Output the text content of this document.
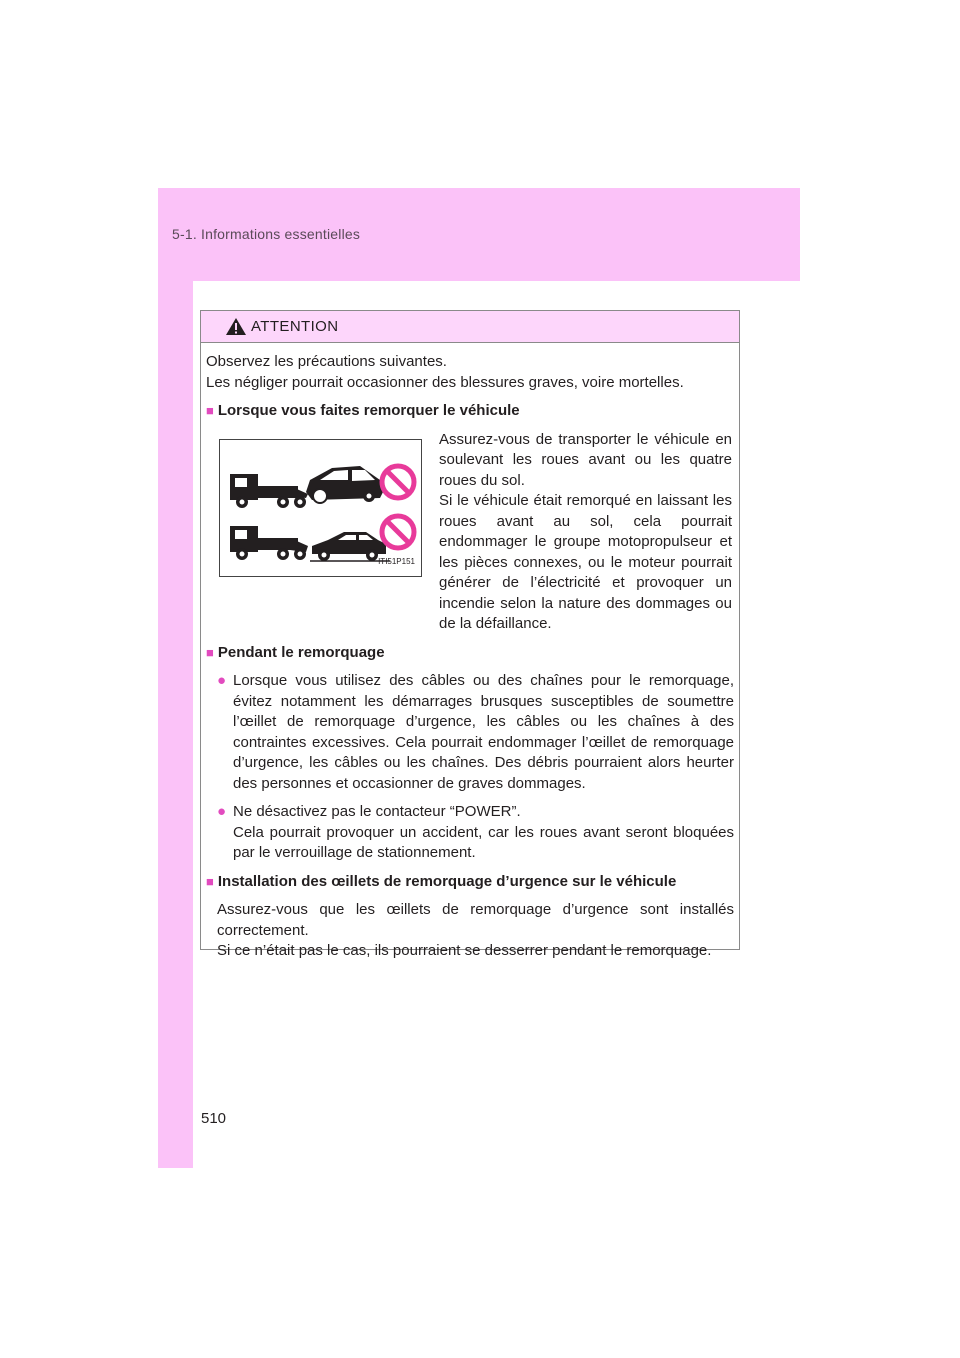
5-1. Informations essentielles
ATTENTION

Observez les précautions suivantes.

Les négliger pourrait occasionner des blessures graves, voire mortelles.

■ Lorsque vous faites remorquer le véhicule

ITI51P151

Assurez-vous de transporter le véhicule en soulevant les roues avant ou les quatre roues du sol.

Si le véhicule était remorqué en laissant les roues avant au sol, cela pourrait endommager le groupe motopropulseur et les pièces connexes, ou le moteur pourrait générer de l’électricité et provoquer un incendie selon la nature des dommages ou de la défaillance.

■ Pendant le remorquage

● Lorsque vous utilisez des câbles ou des chaînes pour le remorquage, évitez notamment les démarrages brusques susceptibles de soumettre l’œillet de remorquage d’urgence, les câbles ou les chaînes à des contraintes excessives. Cela pourrait endommager l’œillet de remorquage d’urgence, les câbles ou les chaînes. Des débris pourraient alors heurter des personnes et occasionner de graves dommages.

● Ne désactivez pas le contacteur “POWER”.

Cela pourrait provoquer un accident, car les roues avant seront bloquées par le verrouillage de stationnement.

■ Installation des œillets de remorquage d’urgence sur le véhicule

Assurez-vous que les œillets de remorquage d’urgence sont installés correctement.

Si ce n’était pas le cas, ils pourraient se desserrer pendant le remorquage.

510
